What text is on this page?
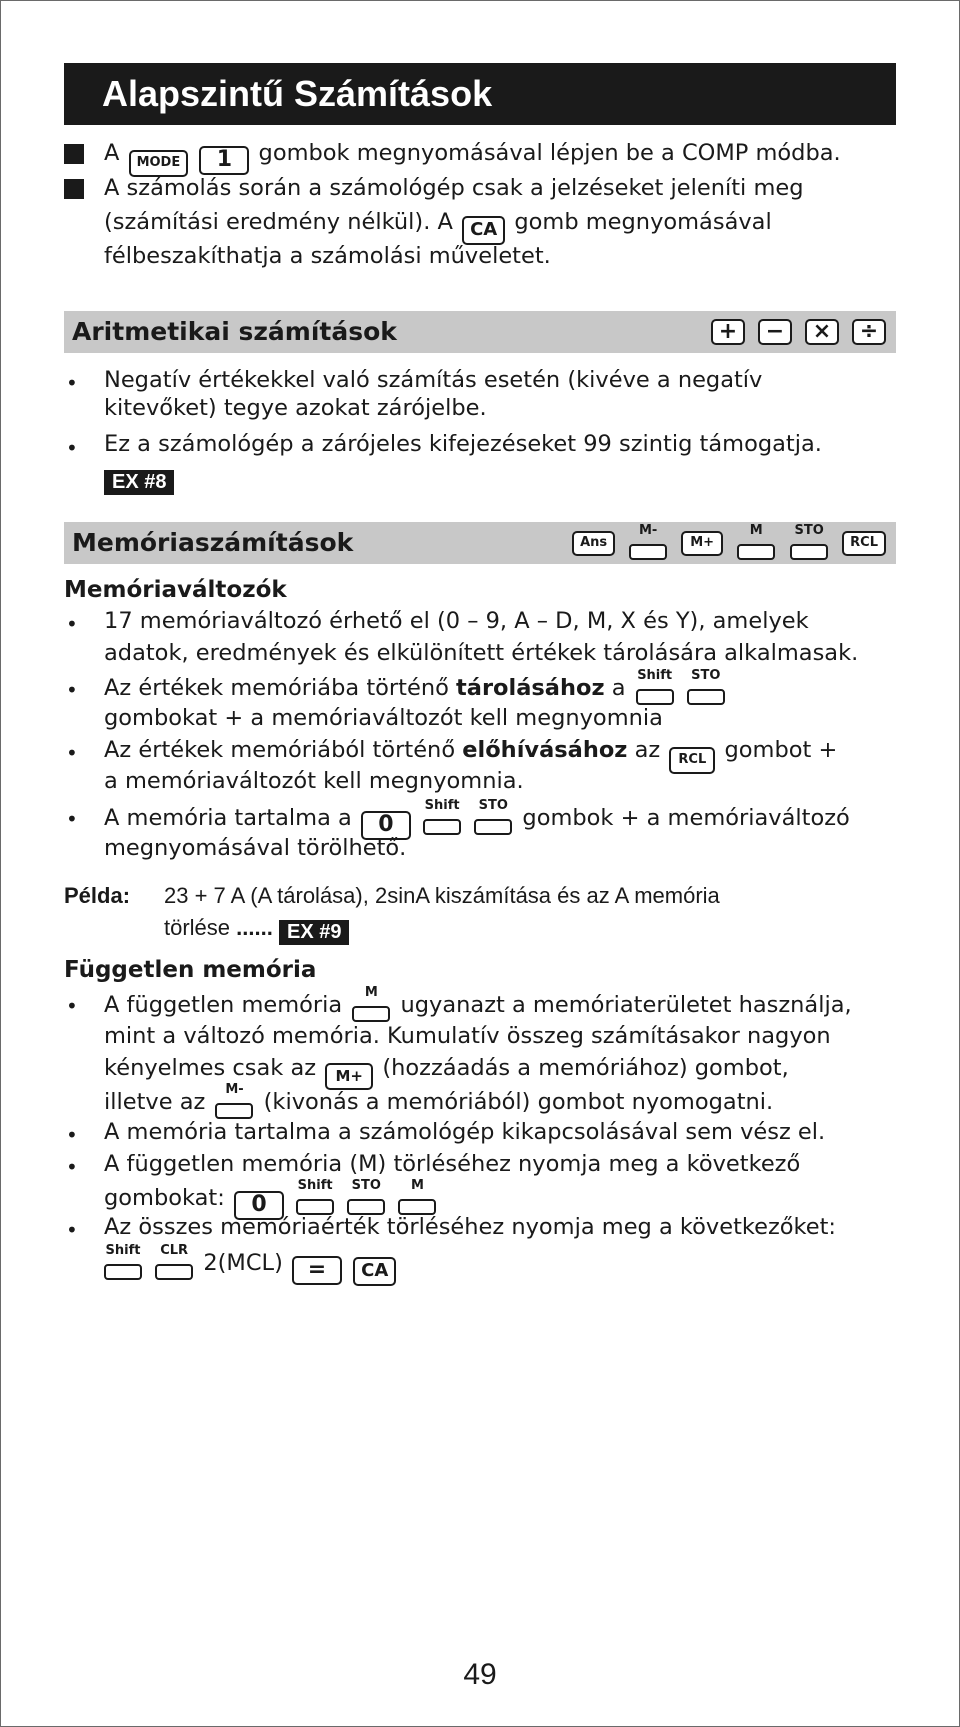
Alapszintű Számítások
A MODE 1 gombok megnyomásával lépjen be a COMP módba.
A számolás során a számológép csak a jelzéseket jeleníti meg
(számítási eredmény nélkül). A CA gomb megnyomásával
félbeszakíthatja a számolási műveletet.
Aritmetikai számítások	+	−	×	÷
• Negatív értékekkel való számítás esetén (kivéve a negatív
kitevőket) tegye azokat zárójelbe.
• Ez a számológép a zárójeles kifejezéseket 99 szintig támogatja.
EX #8
Memóriaszámítások	Ans
M-
M+
M	STO
RCL
Memóriaváltozók
• 17 memóriaváltozó érhető el (0 – 9, A – D, M, X és Y), amelyek
adatok, eredmények és elkülönített értékek tárolására alkalmasak.
• Az értékek memóriába történő tárolásához a Shift
	STO
gombokat + a memóriaváltozót kell megnyomnia
• Az értékek memóriából történő előhívásához az RCL gombot +
a memóriaváltozót kell megnyomnia.
• A memória tartalma a 0
Shift
	STO gombok + a memóriaváltozó
megnyomásával törölhető.
Példa: 23 + 7 A (A tárolása), 2sinA kiszámítása és az A memória
törlése ...... EX #9
Független memória
• A független memória	M	ugyanazt a memóriaterületet használja,
mint a változó memória. Kumulatív összeg számításakor nagyon
kényelmes csak az M+ (hozzáadás a memóriához) gombot,
illetve az	M- (kivonás a memóriából) gombot nyomogatni.
• A memória tartalma a számológép kikapcsolásával sem vész el.
• A független memória (M) törléséhez nyomja meg a következő
gombokat: 0
Shift
	STO
	M
• Az összes memóriaérték törléséhez nyomja meg a következőket:
Shift
	CLR 2(MCL) = CA
49
